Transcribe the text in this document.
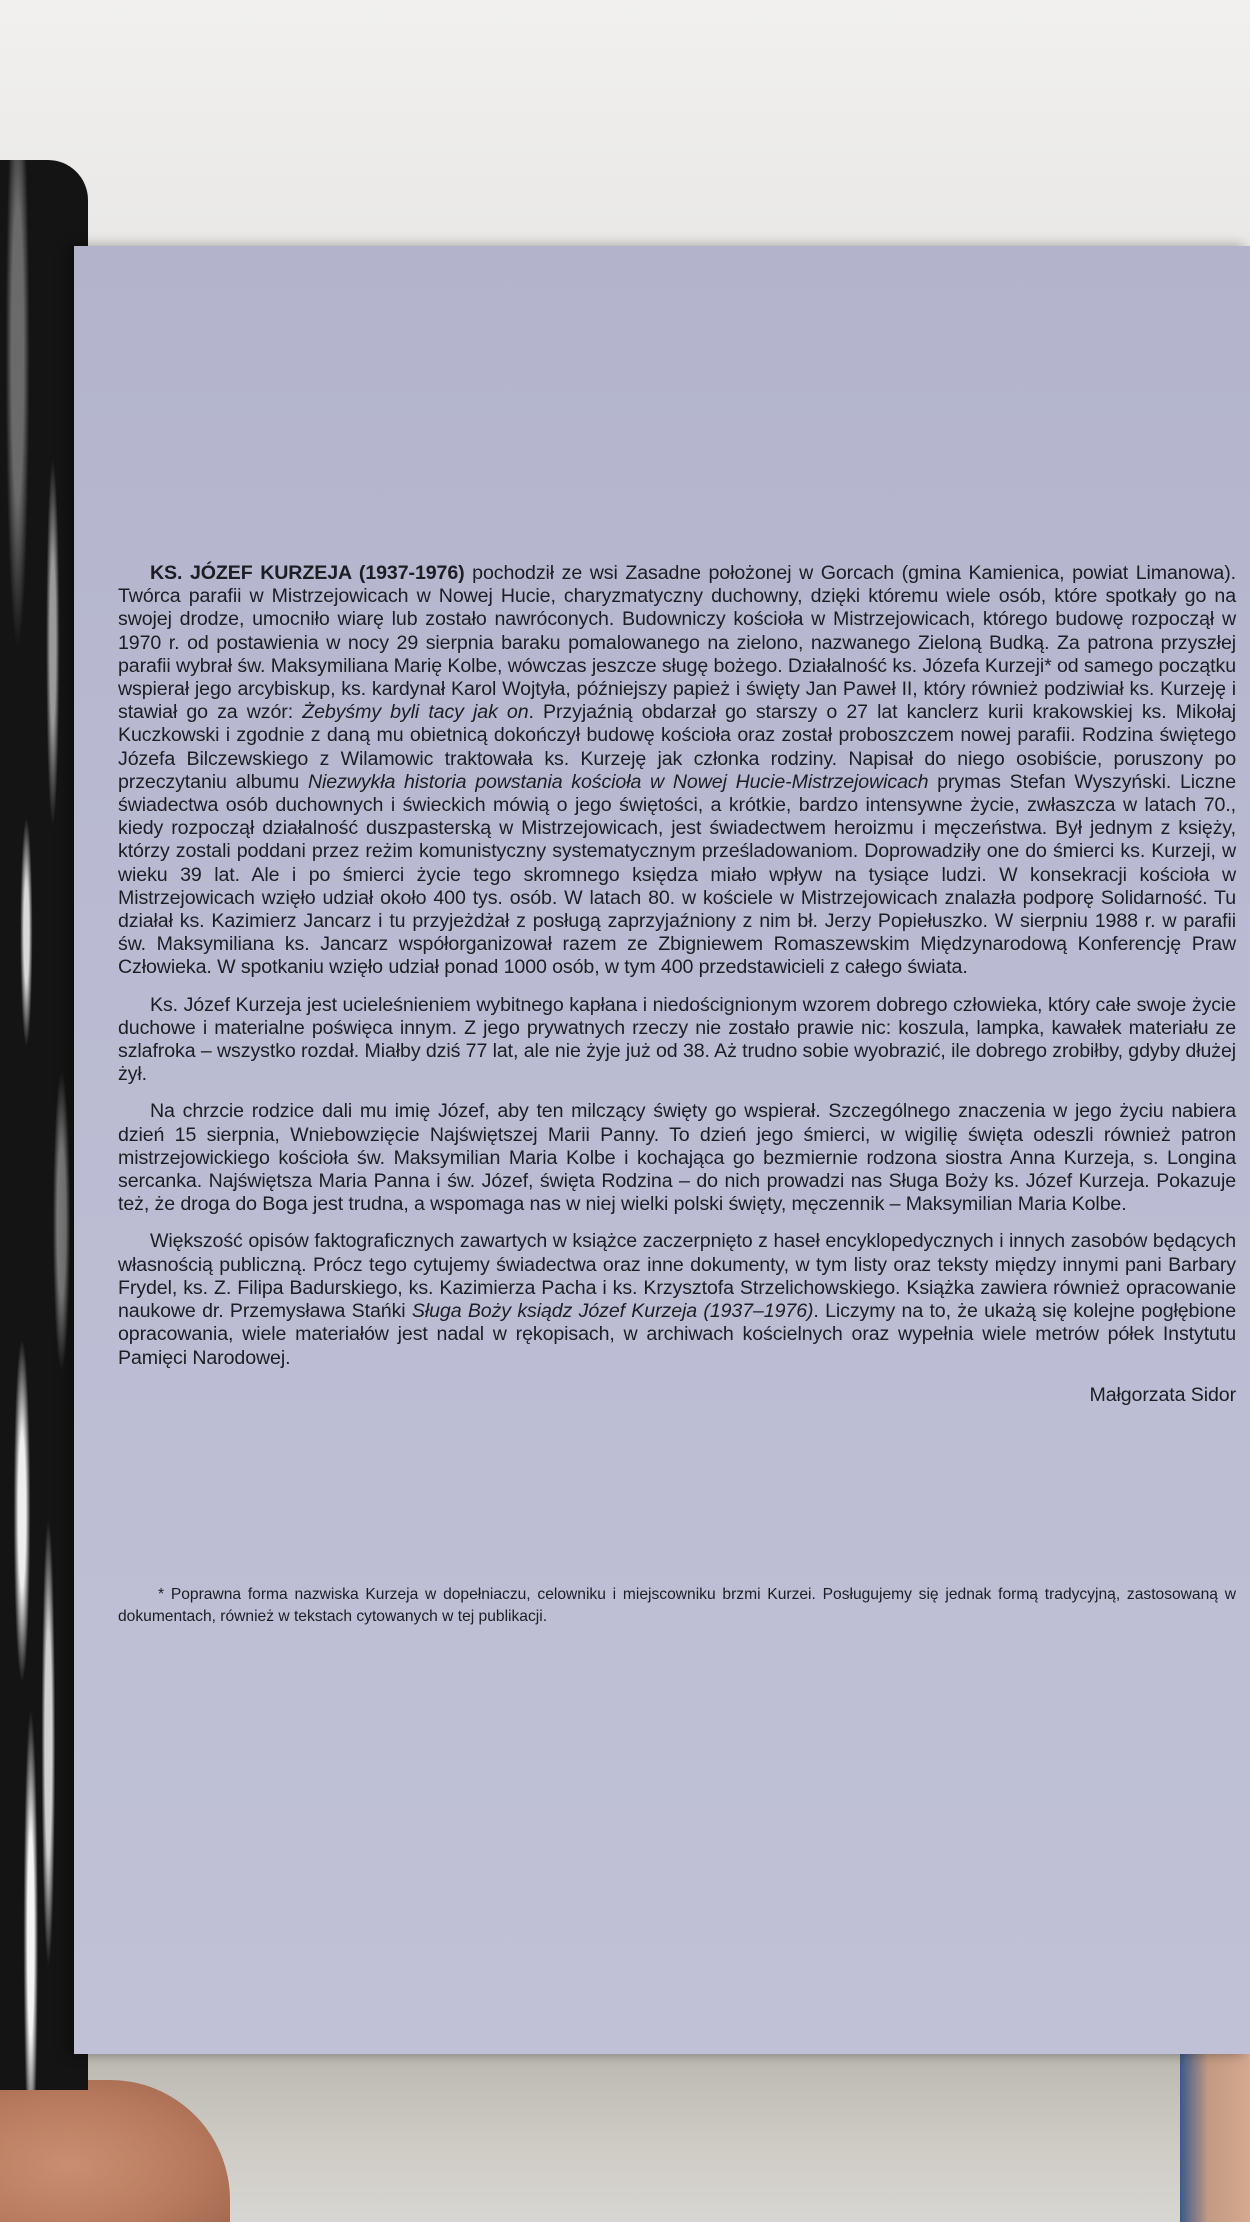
KS. JÓZEF KURZEJA (1937-1976) pochodził ze wsi Zasadne położonej w Gorcach (gmina Kamienica, powiat Limanowa). Twórca parafii w Mistrzejowicach w Nowej Hucie, charyzmatyczny duchowny, dzięki któremu wiele osób, które spotkały go na swojej drodze, umocniło wiarę lub zostało nawróconych. Budowniczy kościoła w Mistrzejowicach, którego budowę rozpoczął w 1970 r. od postawienia w nocy 29 sierpnia baraku pomalowanego na zielono, nazwanego Zieloną Budką. Za patrona przyszłej parafii wybrał św. Maksymiliana Marię Kolbe, wówczas jeszcze sługę bożego. Działalność ks. Józefa Kurzeji* od samego początku wspierał jego arcybiskup, ks. kardynał Karol Wojtyła, późniejszy papież i święty Jan Paweł II, który również podziwiał ks. Kurzeję i stawiał go za wzór: Żebyśmy byli tacy jak on. Przyjaźnią obdarzał go starszy o 27 lat kanclerz kurii krakowskiej ks. Mikołaj Kuczkowski i zgodnie z daną mu obietnicą dokończył budowę kościoła oraz został proboszczem nowej parafii. Rodzina świętego Józefa Bilczewskiego z Wilamowic traktowała ks. Kurzeję jak członka rodziny. Napisał do niego osobiście, poruszony po przeczytaniu albumu Niezwykła historia powstania kościoła w Nowej Hucie-Mistrzejowicach prymas Stefan Wyszyński. Liczne świadectwa osób duchownych i świeckich mówią o jego świętości, a krótkie, bardzo intensywne życie, zwłaszcza w latach 70., kiedy rozpoczął działalność duszpasterską w Mistrzejowicach, jest świadectwem heroizmu i męczeństwa. Był jednym z księży, którzy zostali poddani przez reżim komunistyczny systematycznym prześladowaniom. Doprowadziły one do śmierci ks. Kurzeji, w wieku 39 lat. Ale i po śmierci życie tego skromnego księdza miało wpływ na tysiące ludzi. W konsekracji kościoła w Mistrzejowicach wzięło udział około 400 tys. osób. W latach 80. w kościele w Mistrzejowicach znalazła podporę Solidarność. Tu działał ks. Kazimierz Jancarz i tu przyjeżdżał z posługą zaprzyjaźniony z nim bł. Jerzy Popiełuszko. W sierpniu 1988 r. w parafii św. Maksymiliana ks. Jancarz współorganizował razem ze Zbigniewem Romaszewskim Międzynarodową Konferencję Praw Człowieka. W spotkaniu wzięło udział ponad 1000 osób, w tym 400 przedstawicieli z całego świata.

Ks. Józef Kurzeja jest ucieleśnieniem wybitnego kapłana i niedoścignionym wzorem dobrego człowieka, który całe swoje życie duchowe i materialne poświęca innym. Z jego prywatnych rzeczy nie zostało prawie nic: koszula, lampka, kawałek materiału ze szlafroka – wszystko rozdał. Miałby dziś 77 lat, ale nie żyje już od 38. Aż trudno sobie wyobrazić, ile dobrego zrobiłby, gdyby dłużej żył.

Na chrzcie rodzice dali mu imię Józef, aby ten milczący święty go wspierał. Szczególnego znaczenia w jego życiu nabiera dzień 15 sierpnia, Wniebowzięcie Najświętszej Marii Panny. To dzień jego śmierci, w wigilię święta odeszli również patron mistrzejowickiego kościoła św. Maksymilian Maria Kolbe i kochająca go bezmiernie rodzona siostra Anna Kurzeja, s. Longina sercanka. Najświętsza Maria Panna i św. Józef, święta Rodzina – do nich prowadzi nas Sługa Boży ks. Józef Kurzeja. Pokazuje też, że droga do Boga jest trudna, a wspomaga nas w niej wielki polski święty, męczennik – Maksymilian Maria Kolbe.

Większość opisów faktograficznych zawartych w książce zaczerpnięto z haseł encyklopedycznych i innych zasobów będących własnością publiczną. Prócz tego cytujemy świadectwa oraz inne dokumenty, w tym listy oraz teksty między innymi pani Barbary Frydel, ks. Z. Filipa Badurskiego, ks. Kazimierza Pacha i ks. Krzysztofa Strzelichowskiego. Książka zawiera również opracowanie naukowe dr. Przemysława Stańki Sługa Boży ksiądz Józef Kurzeja (1937–1976). Liczymy na to, że ukażą się kolejne pogłębione opracowania, wiele materiałów jest nadal w rękopisach, w archiwach kościelnych oraz wypełnia wiele metrów półek Instytutu Pamięci Narodowej.

Małgorzata Sidor
* Poprawna forma nazwiska Kurzeja w dopełniaczu, celowniku i miejscowniku brzmi Kurzei. Posługujemy się jednak formą tradycyjną, zastosowaną w dokumentach, również w tekstach cytowanych w tej publikacji.
